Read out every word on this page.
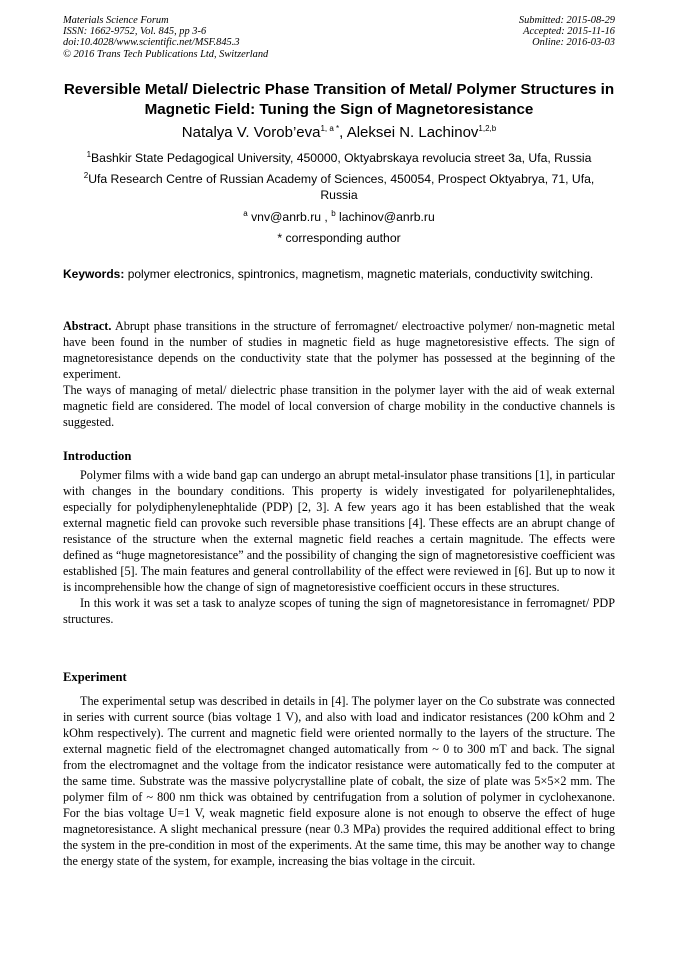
Materials Science Forum
ISSN: 1662-9752, Vol. 845, pp 3-6
doi:10.4028/www.scientific.net/MSF.845.3
© 2016 Trans Tech Publications Ltd, Switzerland
Submitted: 2015-08-29
Accepted: 2015-11-16
Online: 2016-03-03
Reversible Metal/ Dielectric Phase Transition of Metal/ Polymer Structures in Magnetic Field: Tuning the Sign of Magnetoresistance
Natalya V. Vorob’eva$^{1, a *}$, Aleksei N. Lachinov$^{1,2,b}$
$^1$Bashkir State Pedagogical University, 450000, Oktyabrskaya revolucia street 3a, Ufa, Russia
$^2$Ufa Research Centre of Russian Academy of Sciences, 450054, Prospect Oktyabrya, 71, Ufa, Russia
$^a$ vnv@anrb.ru , $^b$ lachinov@anrb.ru
* corresponding author
Keywords: polymer electronics, spintronics, magnetism, magnetic materials, conductivity switching.

Abstract. Abrupt phase transitions in the structure of ferromagnet/ electroactive polymer/ non-magnetic metal have been found in the number of studies in magnetic field as huge magnetoresistive effects. The sign of magnetoresistance depends on the conductivity state that the polymer has possessed at the beginning of the experiment.

The ways of managing of metal/ dielectric phase transition in the polymer layer with the aid of weak external magnetic field are considered. The model of local conversion of charge mobility in the conductive channels is suggested.

Introduction

Polymer films with a wide band gap can undergo an abrupt metal-insulator phase transitions [1], in particular with changes in the boundary conditions. This property is widely investigated for polyarilenephtalides, especially for polydiphenylenephtalide (PDP) [2, 3]. A few years ago it has been established that the weak external magnetic field can provoke such reversible phase transitions [4]. These effects are an abrupt change of resistance of the structure when the external magnetic field reaches a certain magnitude. The effects were defined as “huge magnetoresistance” and the possibility of changing the sign of magnetoresistive coefficient was established [5]. The main features and general controllability of the effect were reviewed in [6]. But up to now it is incomprehensible how the change of sign of magnetoresistive coefficient occurs in these structures.

In this work it was set a task to analyze scopes of tuning the sign of magnetoresistance in ferromagnet/ PDP structures.

Experiment

The experimental setup was described in details in [4]. The polymer layer on the Co substrate was connected in series with current source (bias voltage 1 V), and also with load and indicator resistances (200 kOhm and 2 kOhm respectively). The current and magnetic field were oriented normally to the layers of the structure. The external magnetic field of the electromagnet changed automatically from ~ 0 to 300 mT and back. The signal from the electromagnet and the voltage from the indicator resistance were automatically fed to the computer at the same time. Substrate was the massive polycrystalline plate of cobalt, the size of plate was 5×5×2 mm. The polymer film of ~ 800 nm thick was obtained by centrifugation from a solution of polymer in cyclohexanone. For the bias voltage U=1 V, weak magnetic field exposure alone is not enough to observe the effect of huge magnetoresistance. A slight mechanical pressure (near 0.3 MPa) provides the required additional effect to bring the system in the pre-condition in most of the experiments. At the same time, this may be another way to change the energy state of the system, for example, increasing the bias voltage in the circuit.
